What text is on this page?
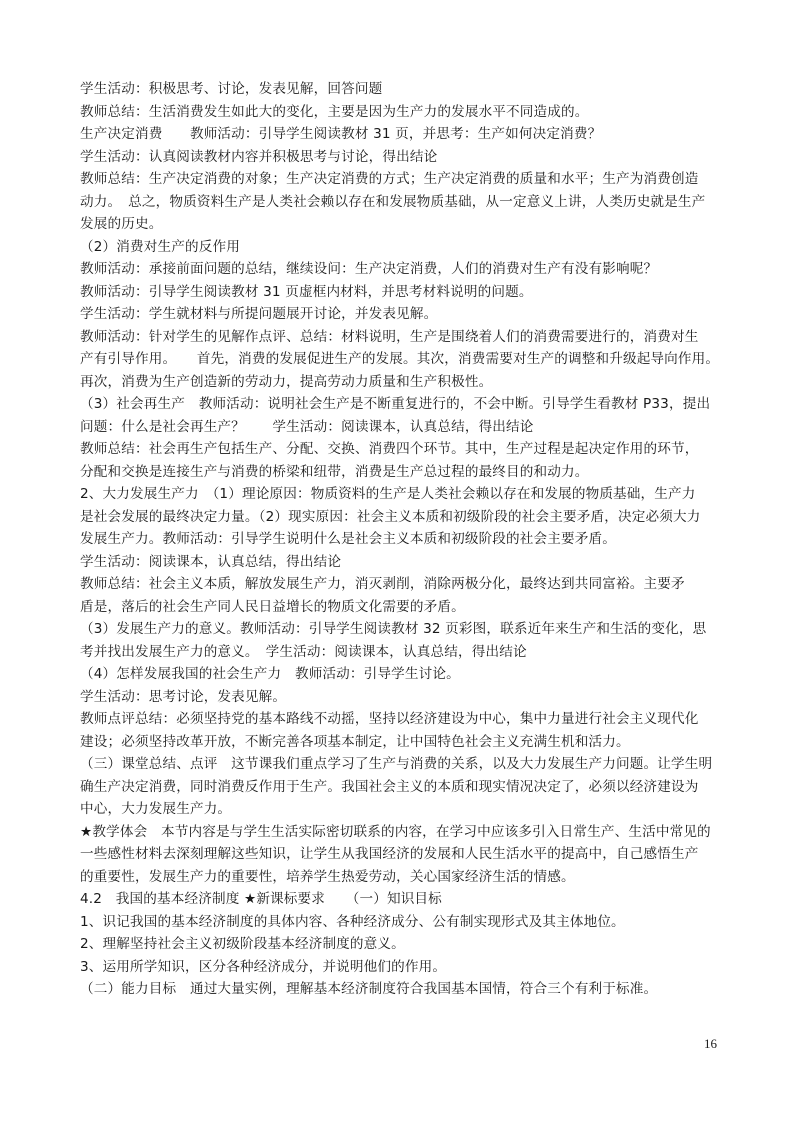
学生活动：积极思考、讨论，发表见解，回答问题
教师总结：生活消费发生如此大的变化，主要是因为生产力的发展水平不同造成的。
生产决定消费　　教师活动：引导学生阅读教材 31 页，并思考：生产如何决定消费？
学生活动：认真阅读教材内容并积极思考与讨论，得出结论
教师总结：生产决定消费的对象；生产决定消费的方式；生产决定消费的质量和水平；生产为消费创造
动力。　总之，物质资料生产是人类社会赖以存在和发展物质基础，从一定意义上讲，人类历史就是生产
发展的历史。
（2）消费对生产的反作用
教师活动：承接前面问题的总结，继续设问：生产决定消费，人们的消费对生产有没有影响呢？
教师活动：引导学生阅读教材 31 页虚框内材料，并思考材料说明的问题。
学生活动：学生就材料与所提问题展开讨论，并发表见解。
教师活动：针对学生的见解作点评、总结：材料说明，生产是围绕着人们的消费需要进行的，消费对生
产有引导作用。　　首先，消费的发展促进生产的发展。其次，消费需要对生产的调整和升级起导向作用。
再次，消费为生产创造新的劳动力，提高劳动力质量和生产积极性。
（3）社会再生产　教师活动：说明社会生产是不断重复进行的，不会中断。引导学生看教材 P33，提出
问题：什么是社会再生产？　　学生活动：阅读课本，认真总结，得出结论
教师总结：社会再生产包括生产、分配、交换、消费四个环节。其中，生产过程是起决定作用的环节，
分配和交换是连接生产与消费的桥梁和纽带，消费是生产总过程的最终目的和动力。
2、大力发展生产力　（1）理论原因：物质资料的生产是人类社会赖以存在和发展的物质基础，生产力
是社会发展的最终决定力量。（2）现实原因：社会主义本质和初级阶段的社会主要矛盾，决定必须大力
发展生产力。教师活动：引导学生说明什么是社会主义本质和初级阶段的社会主要矛盾。
学生活动：阅读课本，认真总结，得出结论
教师总结：社会主义本质，解放发展生产力，消灭剥削，消除两极分化，最终达到共同富裕。主要矛
盾是，落后的社会生产同人民日益增长的物质文化需要的矛盾。
（3）发展生产力的意义。教师活动：引导学生阅读教材 32 页彩图，联系近年来生产和生活的变化，思
考并找出发展生产力的意义。　学生活动：阅读课本，认真总结，得出结论
（4）怎样发展我国的社会生产力　教师活动：引导学生讨论。
学生活动：思考讨论，发表见解。
教师点评总结：必须坚持党的基本路线不动摇，坚持以经济建设为中心，集中力量进行社会主义现代化
建设；必须坚持改革开放，不断完善各项基本制定，让中国特色社会主义充满生机和活力。
（三）课堂总结、点评　这节课我们重点学习了生产与消费的关系，以及大力发展生产力问题。让学生明
确生产决定消费，同时消费反作用于生产。我国社会主义的本质和现实情况决定了，必须以经济建设为
中心，大力发展生产力。
★教学体会　本节内容是与学生生活实际密切联系的内容，在学习中应该多引入日常生产、生活中常见的
一些感性材料去深刻理解这些知识，让学生从我国经济的发展和人民生活水平的提高中，自己感悟生产
的重要性，发展生产力的重要性，培养学生热爱劳动，关心国家经济生活的情感。
4.2　我国的基本经济制度 ★新课标要求　　（一）知识目标
1、识记我国的基本经济制度的具体内容、各种经济成分、公有制实现形式及其主体地位。
2、理解坚持社会主义初级阶段基本经济制度的意义。
3、运用所学知识，区分各种经济成分，并说明他们的作用。
（二）能力目标　通过大量实例，理解基本经济制度符合我国基本国情，符合三个有利于标准。
16
